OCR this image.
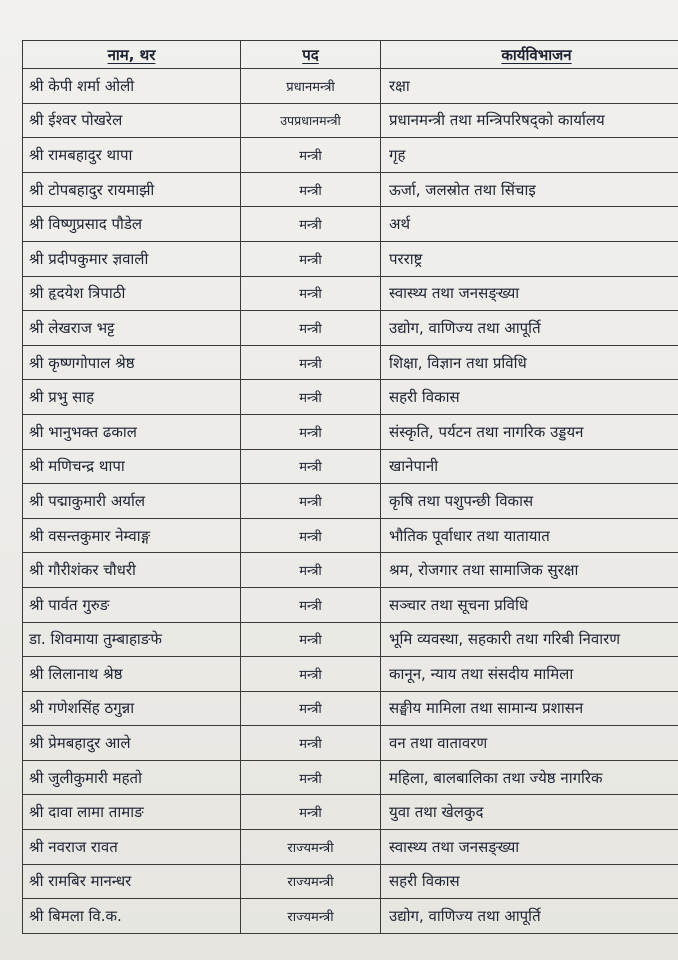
नाम, थर	पद	कार्यविभाजन
श्री केपी शर्मा ओली	प्रधानमन्त्री	रक्षा
श्री ईश्वर पोखरेल	उपप्रधानमन्त्री	प्रधानमन्त्री तथा मन्त्रिपरिषद्को कार्यालय
श्री रामबहादुर थापा	मन्त्री	गृह
श्री टोपबहादुर रायमाझी	मन्त्री	ऊर्जा, जलस्रोत तथा सिंचाइ
श्री विष्णुप्रसाद पौडेल	मन्त्री	अर्थ
श्री प्रदीपकुमार ज्ञवाली	मन्त्री	परराष्ट्र
श्री हृदयेश त्रिपाठी	मन्त्री	स्वास्थ्य तथा जनसङ्ख्या
श्री लेखराज भट्ट	मन्त्री	उद्योग, वाणिज्य तथा आपूर्ति
श्री कृष्णगोपाल श्रेष्ठ	मन्त्री	शिक्षा, विज्ञान तथा प्रविधि
श्री प्रभु साह	मन्त्री	सहरी विकास
श्री भानुभक्त ढकाल	मन्त्री	संस्कृति, पर्यटन तथा नागरिक उड्डयन
श्री मणिचन्द्र थापा	मन्त्री	खानेपानी
श्री पद्माकुमारी अर्याल	मन्त्री	कृषि तथा पशुपन्छी विकास
श्री वसन्तकुमार नेम्वाङ्ग	मन्त्री	भौतिक पूर्वाधार तथा यातायात
श्री गौरीशंकर चौधरी	मन्त्री	श्रम, रोजगार तथा सामाजिक सुरक्षा
श्री पार्वत गुरुङ	मन्त्री	सञ्चार तथा सूचना प्रविधि
डा. शिवमाया तुम्बाहाङफे	मन्त्री	भूमि व्यवस्था, सहकारी तथा गरिबी निवारण
श्री लिलानाथ श्रेष्ठ	मन्त्री	कानून, न्याय तथा संसदीय मामिला
श्री गणेशसिंह ठगुन्ना	मन्त्री	सङ्घीय मामिला तथा सामान्य प्रशासन
श्री प्रेमबहादुर आले	मन्त्री	वन तथा वातावरण
श्री जुलीकुमारी महतो	मन्त्री	महिला, बालबालिका तथा ज्येष्ठ नागरिक
श्री दावा लामा तामाङ	मन्त्री	युवा तथा खेलकुद
श्री नवराज रावत	राज्यमन्त्री	स्वास्थ्य तथा जनसङ्ख्या
श्री रामबिर मानन्धर	राज्यमन्त्री	सहरी विकास
श्री बिमला वि.क.	राज्यमन्त्री	उद्योग, वाणिज्य तथा आपूर्ति
